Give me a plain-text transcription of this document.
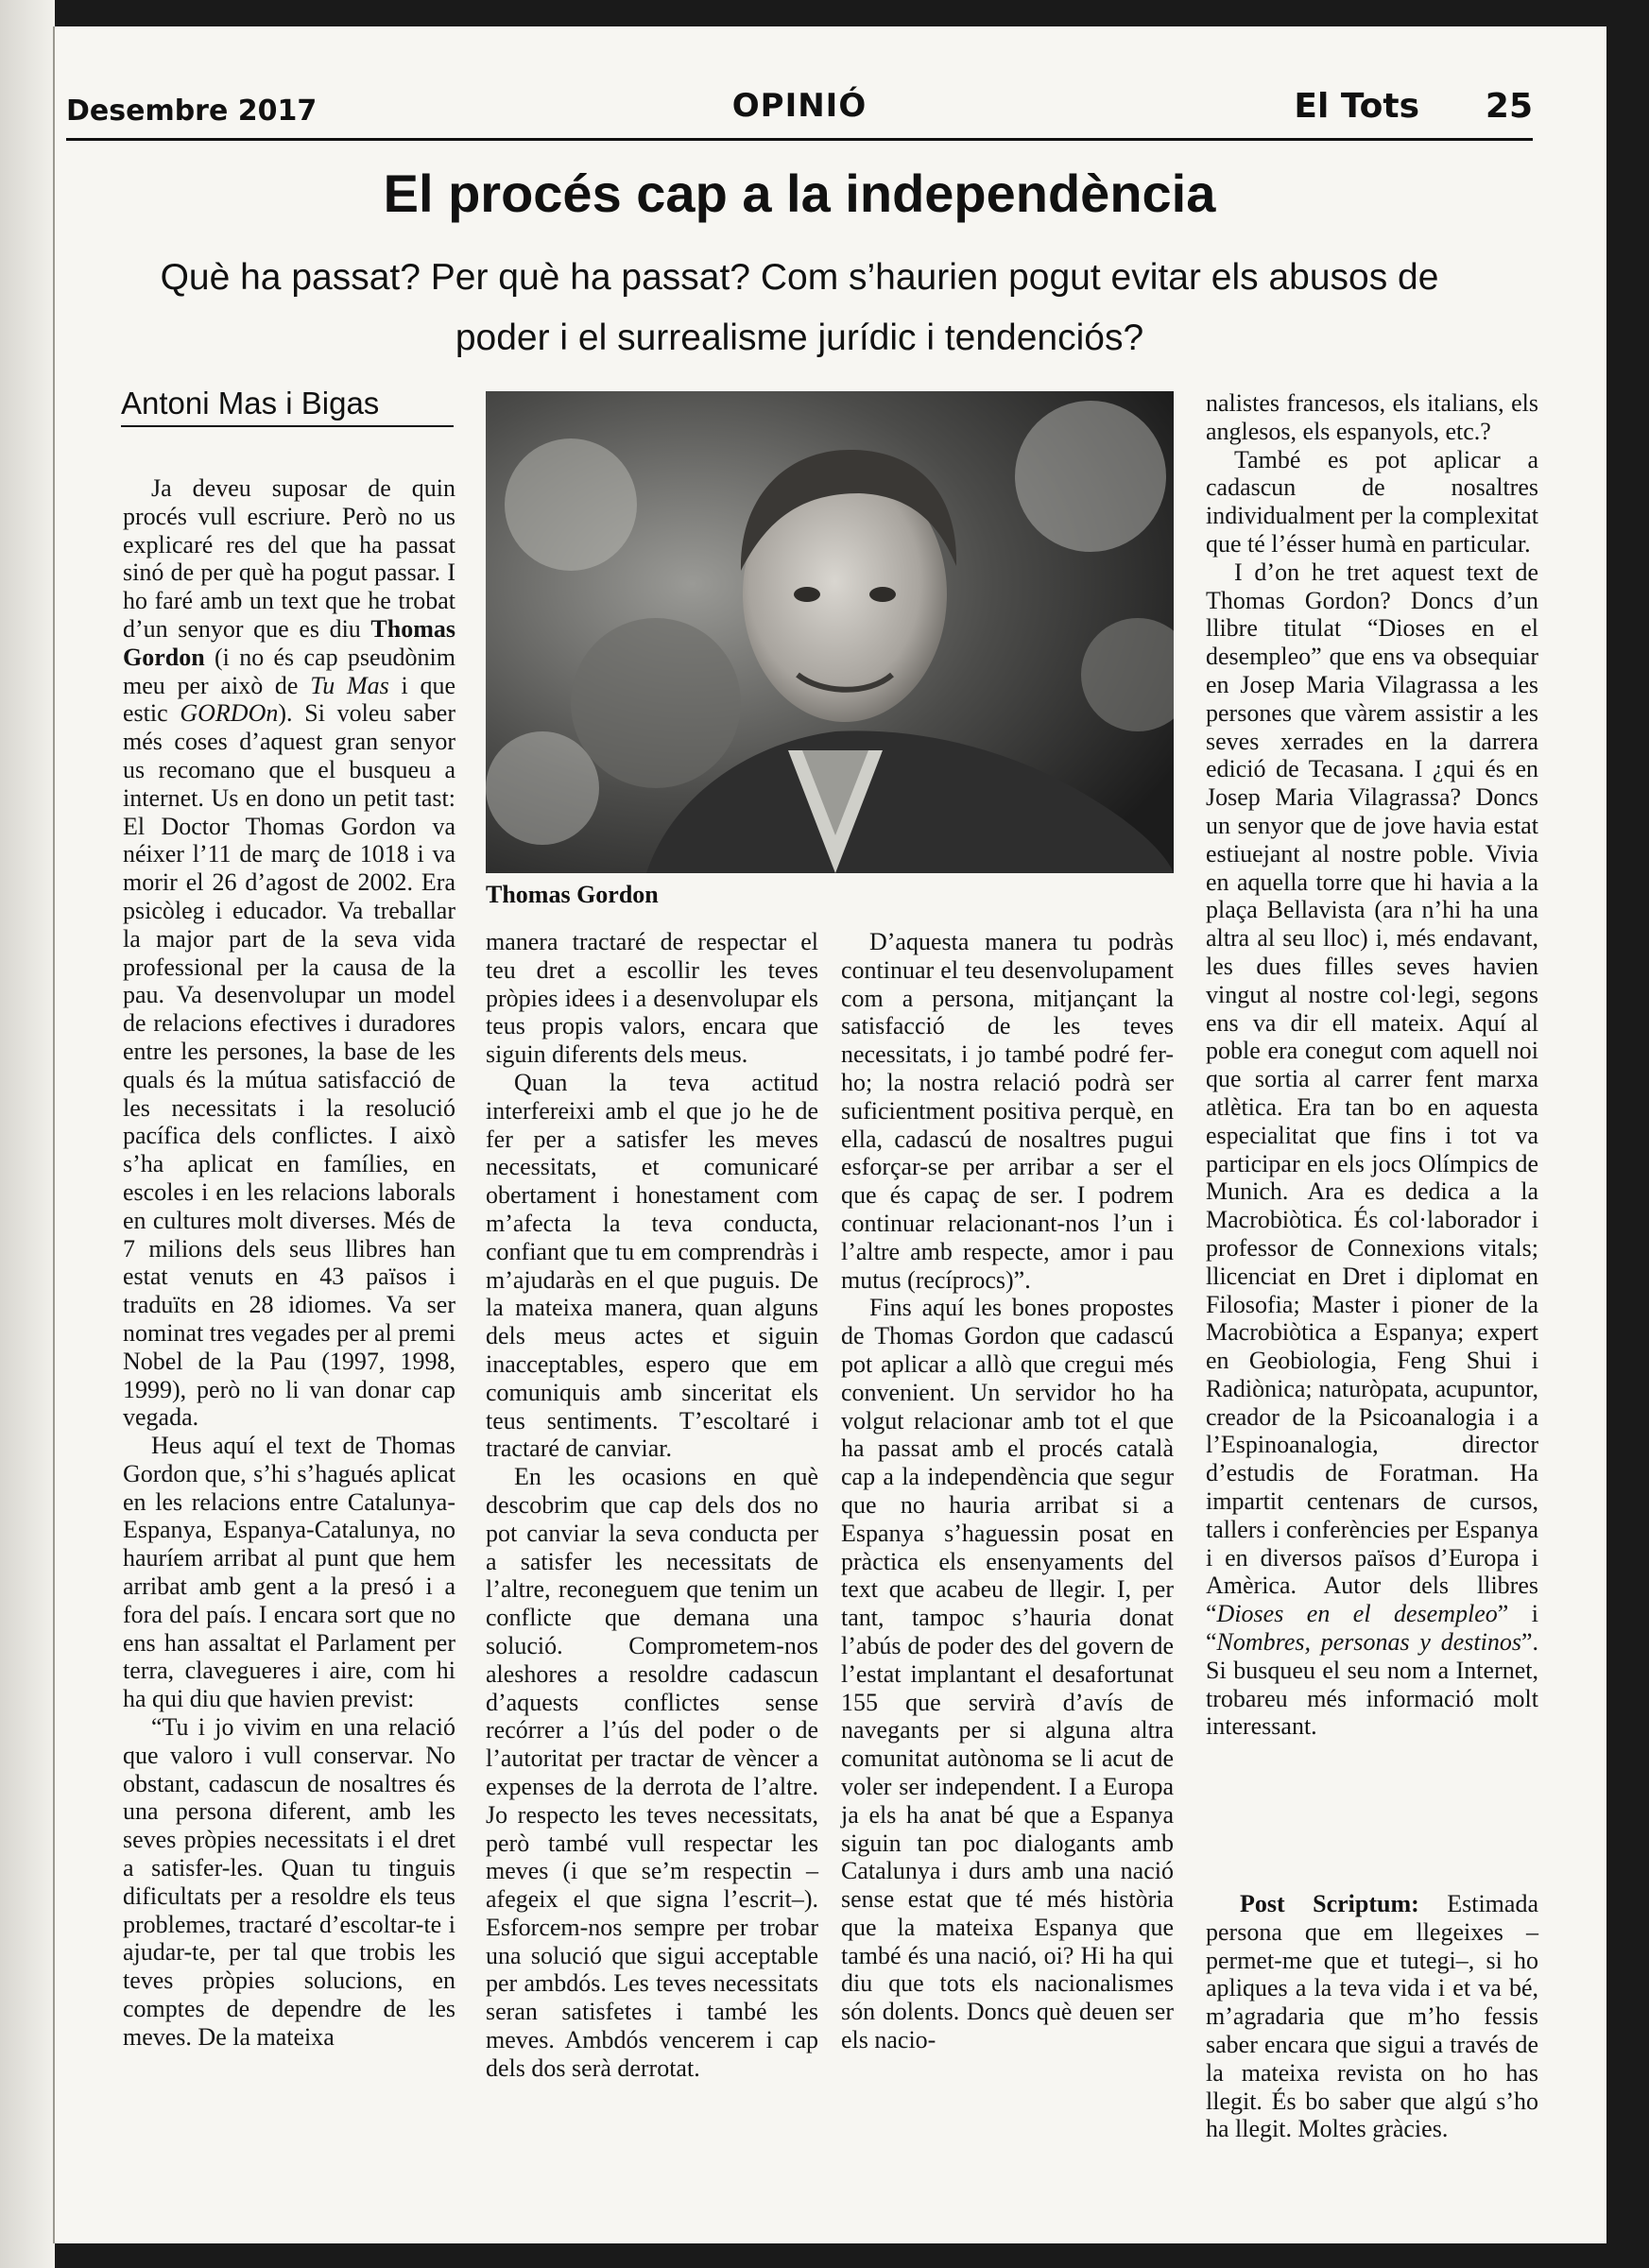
Desembre 2017	OPINIÓ	El Tots 25
El procés cap a la independència
Què ha passat? Per què ha passat? Com s’haurien pogut evitar els abusos de poder i el surrealisme jurídic i tendenciós?
Antoni Mas i Bigas
Thomas Gordon

Ja deveu suposar de quin procés vull escriure. Però no us explicaré res del que ha passat sinó de per què ha pogut passar. I ho faré amb un text que he trobat d’un senyor que es diu Thomas Gordon (i no és cap pseudònim meu per això de Tu Mas i que estic GORDOn). Si voleu saber més coses d’aquest gran senyor us recomano que el busqueu a internet. Us en dono un petit tast: El Doctor Thomas Gordon va néixer l’11 de març de 1018 i va morir el 26 d’agost de 2002. Era psicòleg i educador. Va treballar la major part de la seva vida professional per la causa de la pau. Va desenvolupar un model de relacions efectives i duradores entre les persones, la base de les quals és la mútua satisfacció de les necessitats i la resolució pacífica dels conflictes. I això s’ha aplicat en famílies, en escoles i en les relacions laborals en cultures molt diverses. Més de 7 milions dels seus llibres han estat venuts en 43 països i traduïts en 28 idiomes. Va ser nominat tres vegades per al premi Nobel de la Pau (1997, 1998, 1999), però no li van donar cap vegada.

Heus aquí el text de Thomas Gordon que, s’hi s’hagués aplicat en les relacions entre Catalunya-Espanya, Espanya-Catalunya, no hauríem arribat al punt que hem arribat amb gent a la presó i a fora del país. I encara sort que no ens han assaltat el Parlament per terra, clavegueres i aire, com hi ha qui diu que havien previst:

“Tu i jo vivim en una relació que valoro i vull conservar. No obstant, cadascun de nosaltres és una persona diferent, amb les seves pròpies necessitats i el dret a satisfer-les. Quan tu tinguis dificultats per a resoldre els teus problemes, tractaré d’escoltar-te i ajudar-te, per tal que trobis les teves pròpies solucions, en comptes de dependre de les meves. De la mateixa

manera tractaré de respectar el teu dret a escollir les teves pròpies idees i a desenvolupar els teus propis valors, encara que siguin diferents dels meus.

Quan la teva actitud interfereixi amb el que jo he de fer per a satisfer les meves necessitats, et comunicaré obertament i honestament com m’afecta la teva conducta, confiant que tu em comprendràs i m’ajudaràs en el que puguis. De la mateixa manera, quan alguns dels meus actes et siguin inacceptables, espero que em comuniquis amb sinceritat els teus sentiments. T’escoltaré i tractaré de canviar.

En les ocasions en què descobrim que cap dels dos no pot canviar la seva conducta per a satisfer les necessitats de l’altre, reconeguem que tenim un conflicte que demana una solució. Comprometem-nos aleshores a resoldre cadascun d’aquests conflictes sense recórrer a l’ús del poder o de l’autoritat per tractar de vèncer a expenses de la derrota de l’altre. Jo respecto les teves necessitats, però també vull respectar les meves (i que se’m respectin –afegeix el que signa l’escrit–). Esforcem-nos sempre per trobar una solució que sigui acceptable per ambdós. Les teves necessitats seran satisfetes i també les meves. Ambdós vencerem i cap dels dos serà derrotat.

D’aquesta manera tu podràs continuar el teu desenvolupament com a persona, mitjançant la satisfacció de les teves necessitats, i jo també podré fer-ho; la nostra relació podrà ser suficientment positiva perquè, en ella, cadascú de nosaltres pugui esforçar-se per arribar a ser el que és capaç de ser. I podrem continuar relacionant-nos l’un i l’altre amb respecte, amor i pau mutus (recíprocs)”.

Fins aquí les bones propostes de Thomas Gordon que cadascú pot aplicar a allò que cregui més convenient. Un servidor ho ha volgut relacionar amb tot el que ha passat amb el procés català cap a la independència que segur que no hauria arribat si a Espanya s’haguessin posat en pràctica els ensenyaments del text que acabeu de llegir. I, per tant, tampoc s’hauria donat l’abús de poder des del govern de l’estat implantant el desafortunat 155 que servirà d’avís de navegants per si alguna altra comunitat autònoma se li acut de voler ser independent. I a Europa ja els ha anat bé que a Espanya siguin tan poc dialogants amb Catalunya i durs amb una nació sense estat que té més història que la mateixa Espanya que també és una nació, oi? Hi ha qui diu que tots els nacionalismes són dolents. Doncs què deuen ser els nacio-

nalistes francesos, els italians, els anglesos, els espanyols, etc.?

També es pot aplicar a cadascun de nosaltres individualment per la complexitat que té l’ésser humà en particular.

I d’on he tret aquest text de Thomas Gordon? Doncs d’un llibre titulat “Dioses en el desempleo” que ens va obsequiar en Josep Maria Vilagrassa a les persones que vàrem assistir a les seves xerrades en la darrera edició de Tecasana. I ¿qui és en Josep Maria Vilagrassa? Doncs un senyor que de jove havia estat estiuejant al nostre poble. Vivia en aquella torre que hi havia a la plaça Bellavista (ara n’hi ha una altra al seu lloc) i, més endavant, les dues filles seves havien vingut al nostre col·legi, segons ens va dir ell mateix. Aquí al poble era conegut com aquell noi que sortia al carrer fent marxa atlètica. Era tan bo en aquesta especialitat que fins i tot va participar en els jocs Olímpics de Munich. Ara es dedica a la Macrobiòtica. És col·laborador i professor de Connexions vitals; llicenciat en Dret i diplomat en Filosofia; Master i pioner de la Macrobiòtica a Espanya; expert en Geobiologia, Feng Shui i Radiònica; naturòpata, acupuntor, creador de la Psicoanalogia i a l’Espinoanalogia, director d’estudis de Foratman. Ha impartit centenars de cursos, tallers i conferències per Espanya i en diversos països d’Europa i Amèrica. Autor dels llibres “Dioses en el desempleo” i “Nombres, personas y destinos”. Si busqueu el seu nom a Internet, trobareu més informació molt interessant.

Post Scriptum: Estimada persona que em llegeixes –permet-me que et tutegi–, si ho apliques a la teva vida i et va bé, m’agradaria que m’ho fessis saber encara que sigui a través de la mateixa revista on ho has llegit. És bo saber que algú s’ho ha llegit. Moltes gràcies.
